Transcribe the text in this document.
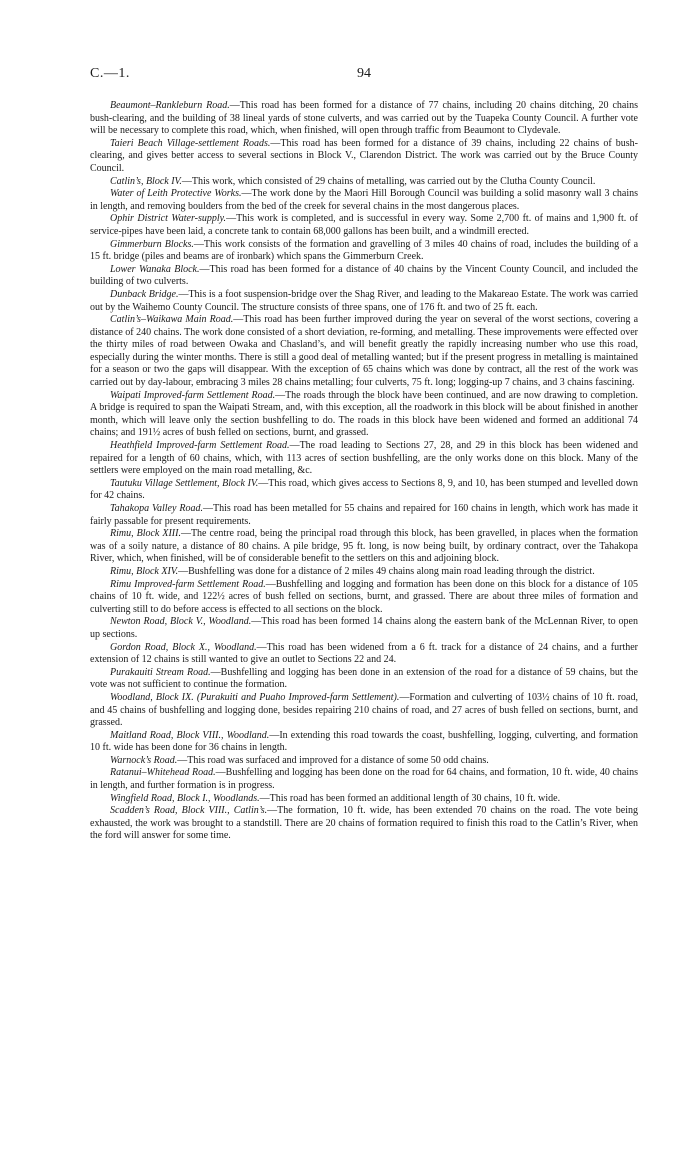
C.—1.	94

Beaumont–Rankleburn Road.—This road has been formed for a distance of 77 chains, including 20 chains ditching, 20 chains bush-clearing, and the building of 38 lineal yards of stone culverts, and was carried out by the Tuapeka County Council. A further vote will be necessary to complete this road, which, when finished, will open through traffic from Beaumont to Clydevale.

Taieri Beach Village-settlement Roads.—This road has been formed for a distance of 39 chains, including 22 chains of bush-clearing, and gives better access to several sections in Block V., Clarendon District. The work was carried out by the Bruce County Council.

Catlin’s, Block IV.—This work, which consisted of 29 chains of metalling, was carried out by the Clutha County Council.

Water of Leith Protective Works.—The work done by the Maori Hill Borough Council was building a solid masonry wall 3 chains in length, and removing boulders from the bed of the creek for several chains in the most dangerous places.

Ophir District Water-supply.—This work is completed, and is successful in every way. Some 2,700 ft. of mains and 1,900 ft. of service-pipes have been laid, a concrete tank to contain 68,000 gallons has been built, and a windmill erected.

Gimmerburn Blocks.—This work consists of the formation and gravelling of 3 miles 40 chains of road, includes the building of a 15 ft. bridge (piles and beams are of ironbark) which spans the Gimmerburn Creek.

Lower Wanaka Block.—This road has been formed for a distance of 40 chains by the Vincent County Council, and included the building of two culverts.

Dunback Bridge.—This is a foot suspension-bridge over the Shag River, and leading to the Makareao Estate. The work was carried out by the Waihemo County Council. The structure consists of three spans, one of 176 ft. and two of 25 ft. each.

Catlin’s–Waikawa Main Road.—This road has been further improved during the year on several of the worst sections, covering a distance of 240 chains. The work done consisted of a short deviation, re-forming, and metalling. These improvements were effected over the thirty miles of road between Owaka and Chasland’s, and will benefit greatly the rapidly increasing number who use this road, especially during the winter months. There is still a good deal of metalling wanted; but if the present progress in metalling is maintained for a season or two the gaps will disappear. With the exception of 65 chains which was done by contract, all the rest of the work was carried out by day-labour, embracing 3 miles 28 chains metalling; four culverts, 75 ft. long; logging-up 7 chains, and 3 chains fascining.

Waipati Improved-farm Settlement Road.—The roads through the block have been continued, and are now drawing to completion. A bridge is required to span the Waipati Stream, and, with this exception, all the roadwork in this block will be about finished in another month, which will leave only the section bushfelling to do. The roads in this block have been widened and formed an additional 74 chains; and 191½ acres of bush felled on sections, burnt, and grassed.

Heathfield Improved-farm Settlement Road.—The road leading to Sections 27, 28, and 29 in this block has been widened and repaired for a length of 60 chains, which, with 113 acres of section bushfelling, are the only works done on this block. Many of the settlers were employed on the main road metalling, &c.

Tautuku Village Settlement, Block IV.—This road, which gives access to Sections 8, 9, and 10, has been stumped and levelled down for 42 chains.

Tahakopa Valley Road.—This road has been metalled for 55 chains and repaired for 160 chains in length, which work has made it fairly passable for present requirements.

Rimu, Block XIII.—The centre road, being the principal road through this block, has been gravelled, in places when the formation was of a soily nature, a distance of 80 chains. A pile bridge, 95 ft. long, is now being built, by ordinary contract, over the Tahakopa River, which, when finished, will be of considerable benefit to the settlers on this and adjoining block.

Rimu, Block XIV.—Bushfelling was done for a distance of 2 miles 49 chains along main road leading through the district.

Rimu Improved-farm Settlement Road.—Bushfelling and logging and formation has been done on this block for a distance of 105 chains of 10 ft. wide, and 122½ acres of bush felled on sections, burnt, and grassed. There are about three miles of formation and culverting still to do before access is effected to all sections on the block.

Newton Road, Block V., Woodland.—This road has been formed 14 chains along the eastern bank of the McLennan River, to open up sections.

Gordon Road, Block X., Woodland.—This road has been widened from a 6 ft. track for a distance of 24 chains, and a further extension of 12 chains is still wanted to give an outlet to Sections 22 and 24.

Purakauiti Stream Road.—Bushfelling and logging has been done in an extension of the road for a distance of 59 chains, but the vote was not sufficient to continue the formation.

Woodland, Block IX. (Purakuiti and Puaho Improved-farm Settlement).—Formation and culverting of 103½ chains of 10 ft. road, and 45 chains of bushfelling and logging done, besides repairing 210 chains of road, and 27 acres of bush felled on sections, burnt, and grassed.

Maitland Road, Block VIII., Woodland.—In extending this road towards the coast, bushfelling, logging, culverting, and formation 10 ft. wide has been done for 36 chains in length.

Warnock’s Road.—This road was surfaced and improved for a distance of some 50 odd chains.

Ratanui–Whitehead Road.—Bushfelling and logging has been done on the road for 64 chains, and formation, 10 ft. wide, 40 chains in length, and further formation is in progress.

Wingfield Road, Block I., Woodlands.—This road has been formed an additional length of 30 chains, 10 ft. wide.

Scadden’s Road, Block VIII., Catlin’s.—The formation, 10 ft. wide, has been extended 70 chains on the road. The vote being exhausted, the work was brought to a standstill. There are 20 chains of formation required to finish this road to the Catlin’s River, when the ford will answer for some time.
